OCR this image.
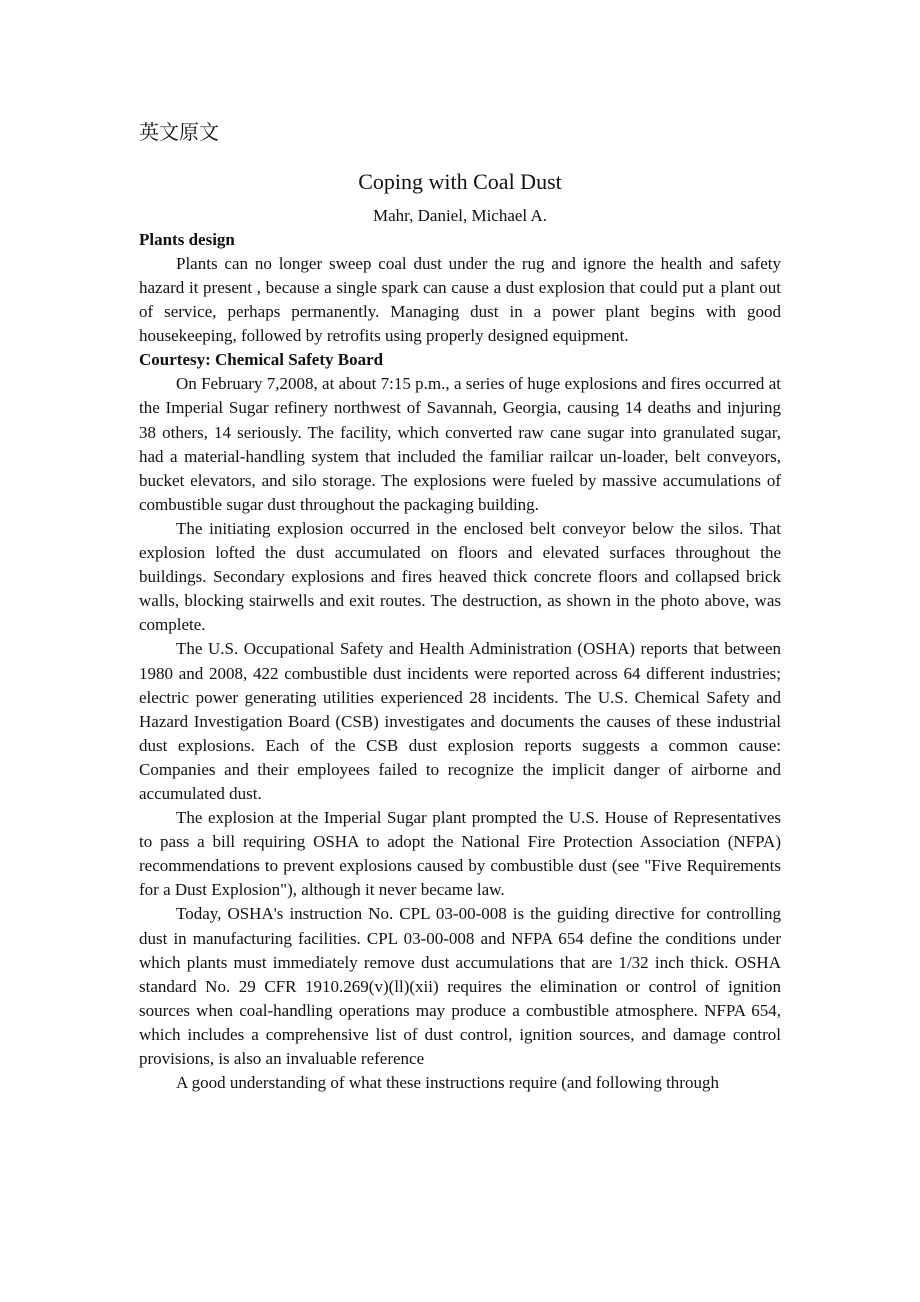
英文原文
Coping with Coal Dust
Mahr, Daniel, Michael A.
Plants design

Plants can no longer sweep coal dust under the rug and ignore the health and safety hazard it present , because a single spark can cause a dust explosion that could put a plant out of service, perhaps permanently. Managing dust in a power plant begins with good housekeeping, followed by retrofits using properly designed equipment.

Courtesy: Chemical Safety Board

On February 7,2008, at about 7:15 p.m., a series of huge explosions and fires occurred at the Imperial Sugar refinery northwest of Savannah, Georgia, causing 14 deaths and injuring 38 others, 14 seriously. The facility, which converted raw cane sugar into granulated sugar, had a material-handling system that included the familiar railcar un-loader, belt conveyors, bucket elevators, and silo storage. The explosions were fueled by massive accumulations of combustible sugar dust throughout the packaging building.

The initiating explosion occurred in the enclosed belt conveyor below the silos. That explosion lofted the dust accumulated on floors and elevated surfaces throughout the buildings. Secondary explosions and fires heaved thick concrete floors and collapsed brick walls, blocking stairwells and exit routes. The destruction, as shown in the photo above, was complete.

The U.S. Occupational Safety and Health Administration (OSHA) reports that between 1980 and 2008, 422 combustible dust incidents were reported across 64 different industries; electric power generating utilities experienced 28 incidents. The U.S. Chemical Safety and Hazard Investigation Board (CSB) investigates and documents the causes of these industrial dust explosions. Each of the CSB dust explosion reports suggests a common cause: Companies and their employees failed to recognize the implicit danger of airborne and accumulated dust.

The explosion at the Imperial Sugar plant prompted the U.S. House of Representatives to pass a bill requiring OSHA to adopt the National Fire Protection Association (NFPA) recommendations to prevent explosions caused by combustible dust (see "Five Requirements for a Dust Explosion"), although it never became law.

Today, OSHA's instruction No. CPL 03-00-008 is the guiding directive for controlling dust in manufacturing facilities. CPL 03-00-008 and NFPA 654 define the conditions under which plants must immediately remove dust accumulations that are 1/32 inch thick. OSHA standard No. 29 CFR 1910.269(v)(ll)(xii) requires the elimination or control of ignition sources when coal-handling operations may produce a combustible atmosphere. NFPA 654, which includes a comprehensive list of dust control, ignition sources, and damage control provisions, is also an invaluable reference

A good understanding of what these instructions require (and following through
